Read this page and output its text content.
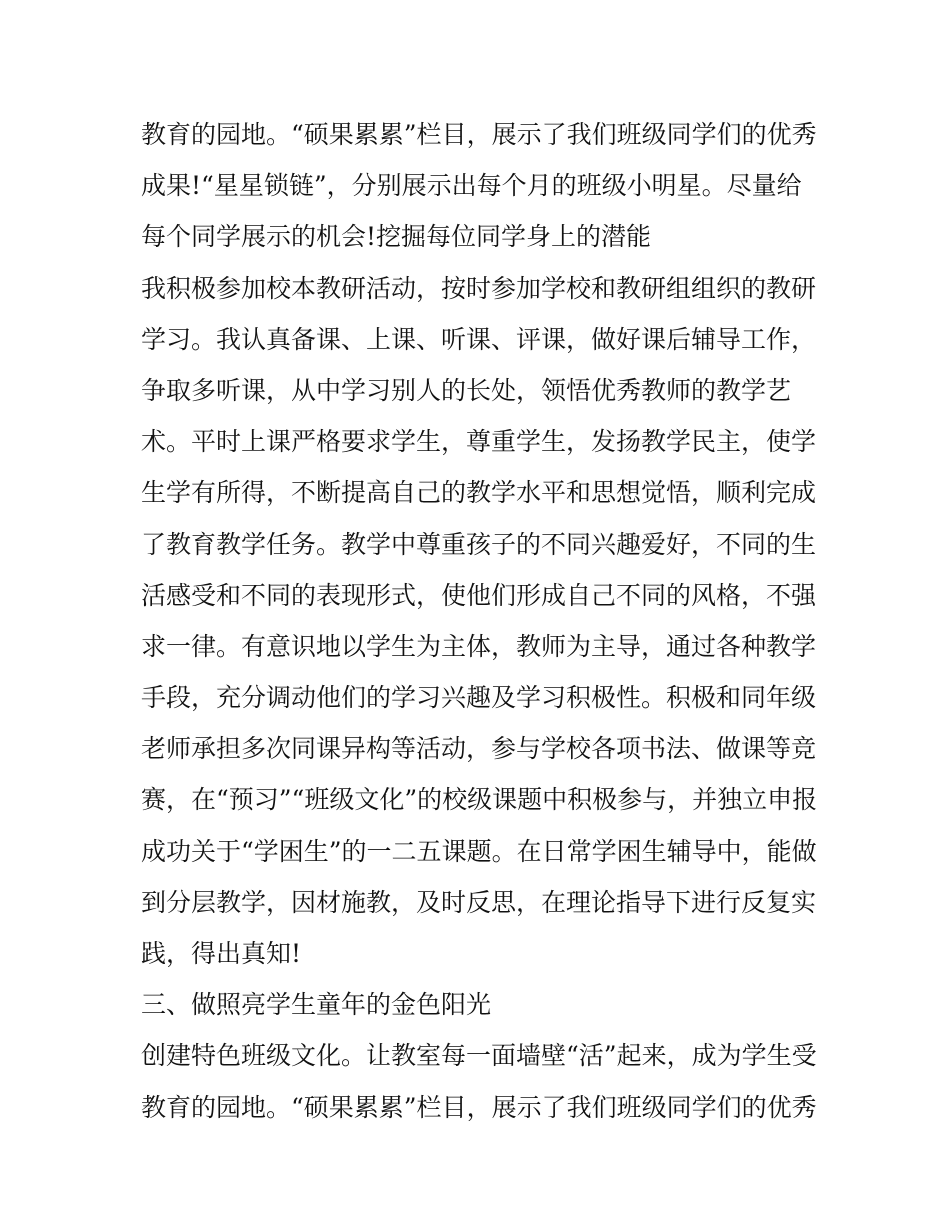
教育的园地。“硕果累累”栏目，展示了我们班级同学们的优秀
成果!“星星锁链”，分别展示出每个月的班级小明星。尽量给
每个同学展示的机会!挖掘每位同学身上的潜能
我积极参加校本教研活动，按时参加学校和教研组组织的教研
学习。我认真备课、上课、听课、评课，做好课后辅导工作，
争取多听课，从中学习别人的长处，领悟优秀教师的教学艺
术。平时上课严格要求学生，尊重学生，发扬教学民主，使学
生学有所得，不断提高自己的教学水平和思想觉悟，顺利完成
了教育教学任务。教学中尊重孩子的不同兴趣爱好，不同的生
活感受和不同的表现形式，使他们形成自己不同的风格，不强
求一律。有意识地以学生为主体，教师为主导，通过各种教学
手段，充分调动他们的学习兴趣及学习积极性。积极和同年级
老师承担多次同课异构等活动，参与学校各项书法、做课等竞
赛，在“预习”“班级文化”的校级课题中积极参与，并独立申报
成功关于“学困生”的一二五课题。在日常学困生辅导中，能做
到分层教学，因材施教，及时反思，在理论指导下进行反复实
践，得出真知!
三、做照亮学生童年的金色阳光
创建特色班级文化。让教室每一面墙壁“活”起来，成为学生受
教育的园地。“硕果累累”栏目，展示了我们班级同学们的优秀
